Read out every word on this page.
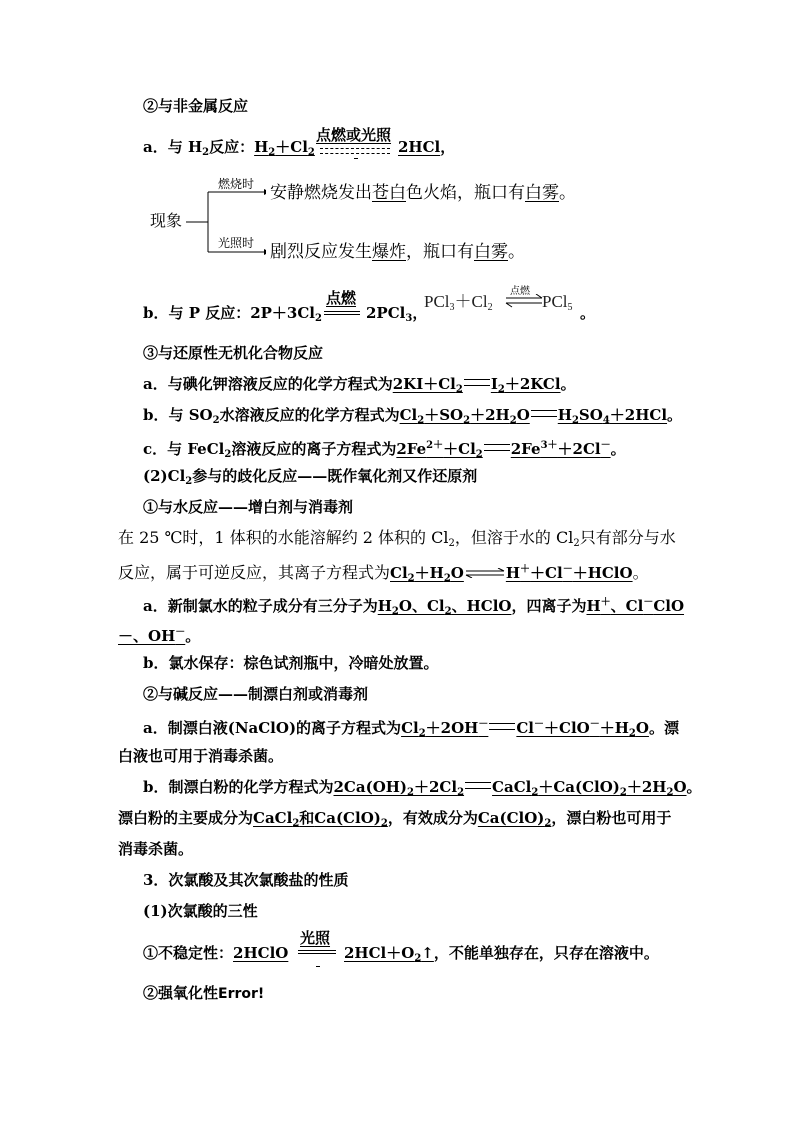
②与非金属反应
a．与 $H_2$反应：$H_2+Cl_2$
点燃或光照
2HCl，
现象
燃烧时
光照时
安静燃烧发出苍白色火焰，瓶口有白雾。
剧烈反应发生爆炸，瓶口有白雾。
b．与 P 反应：$2P+3Cl_2$
点燃
2PCl$_3$，
$PCl_3+Cl_2$
点燃
PCl$_5$ 。
③与还原性无机化合物反应
a．与碘化钾溶液反应的化学方程式为$2KI+Cl_2$ $I_2+2KCl$。
b．与 $SO_2$水溶液反应的化学方程式为$Cl_2+SO_2+2H_2O$ $H_2SO_4+2HCl$。
c．与 FeCl$_2$溶液反应的离子方程式为$2Fe^{2+}+Cl_2$ $2Fe^{3+}+2Cl^-$。
$(2)Cl_2$参与的歧化反应——既作氧化剂又作还原剂
①与水反应——增白剂与消毒剂
在 25 ℃时，1 体积的水能溶解约 2 体积的 $Cl_2$，但溶于水的 $Cl_2$只有部分与水
反应，属于可逆反应，其离子方程式为$Cl_2+H_2O$	H＋＋Cl－＋HClO。
a．新制氯水的粒子成分有三分子为$H_2O$、$Cl_2$、HClO，四离子为H＋、Cl－ClO
－、OH－。
b．氯水保存：棕色试剂瓶中，冷暗处放置。
②与碱反应——制漂白剂或消毒剂
a．制漂白液(NaClO)的离子方程式为$Cl_2+2OH^-$ $Cl^-+ClO^-+H_2O$。漂
白液也可用于消毒杀菌。
b．制漂白粉的化学方程式为$2Ca(OH)_2+2Cl_2$ $CaCl_2+Ca(ClO)_2+2H_2O$。
漂白粉的主要成分为CaCl$_2$和$Ca(ClO)_2$，有效成分为$Ca(ClO)_2$，漂白粉也可用于
消毒杀菌。
3．次氯酸及其次氯酸盐的性质
(1)次氯酸的三性
①不稳定性：2HClO
光照
$2HCl+O_2↑$，不能单独存在，只存在溶液中。
②强氧化性Error!
